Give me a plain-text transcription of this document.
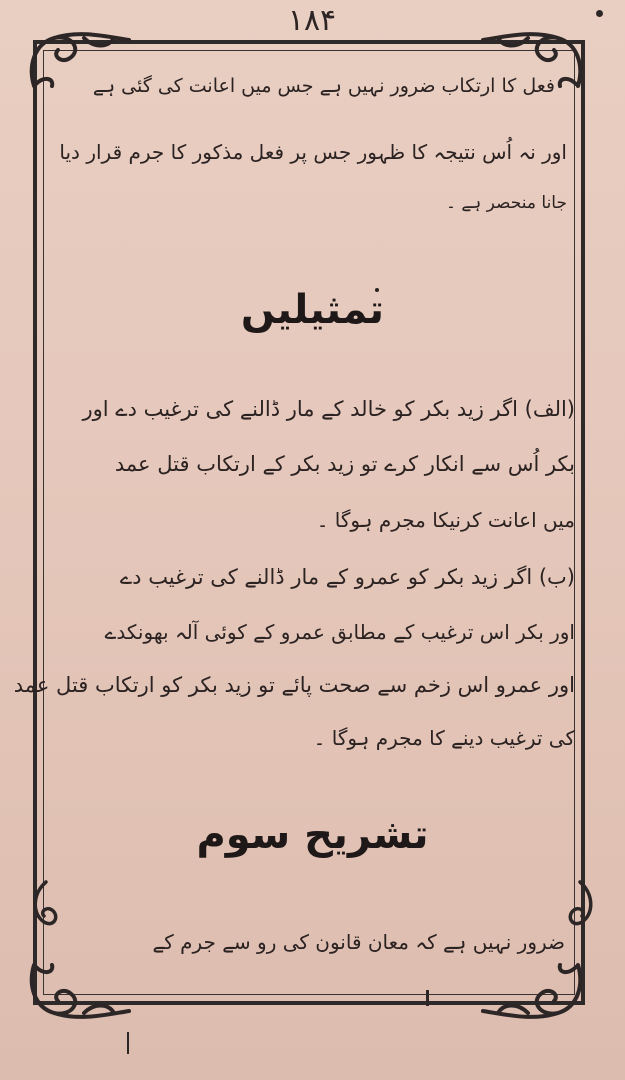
۱۸۴
فعل کا ارتکاب ضرور نہیں ہے جس میں اعانت کی گئی ہے
اور نہ اُس نتیجہ کا ظہور جس پر فعل مذکور کا جرم قرار دیا
جانا منحصر ہے ۔
تمثیلیں
(الف) اگر زید بکر کو خالد کے مار ڈالنے کی ترغیب دے اور
بکر اُس سے انکار کرے تو زید بکر کے ارتکاب قتل عمد
میں اعانت کرنیکا مجرم ہوگا ۔
(ب) اگر زید بکر کو عمرو کے مار ڈالنے کی ترغیب دے
اور بکر اس ترغیب کے مطابق عمرو کے کوئی آلہ بھونکدے
اور عمرو اس زخم سے صحت پائے تو زید بکر کو ارتکاب قتل عمد
کی ترغیب دینے کا مجرم ہوگا ۔
تشریح سوم
ضرور نہیں ہے کہ معان قانون کی رو سے جرم کے
